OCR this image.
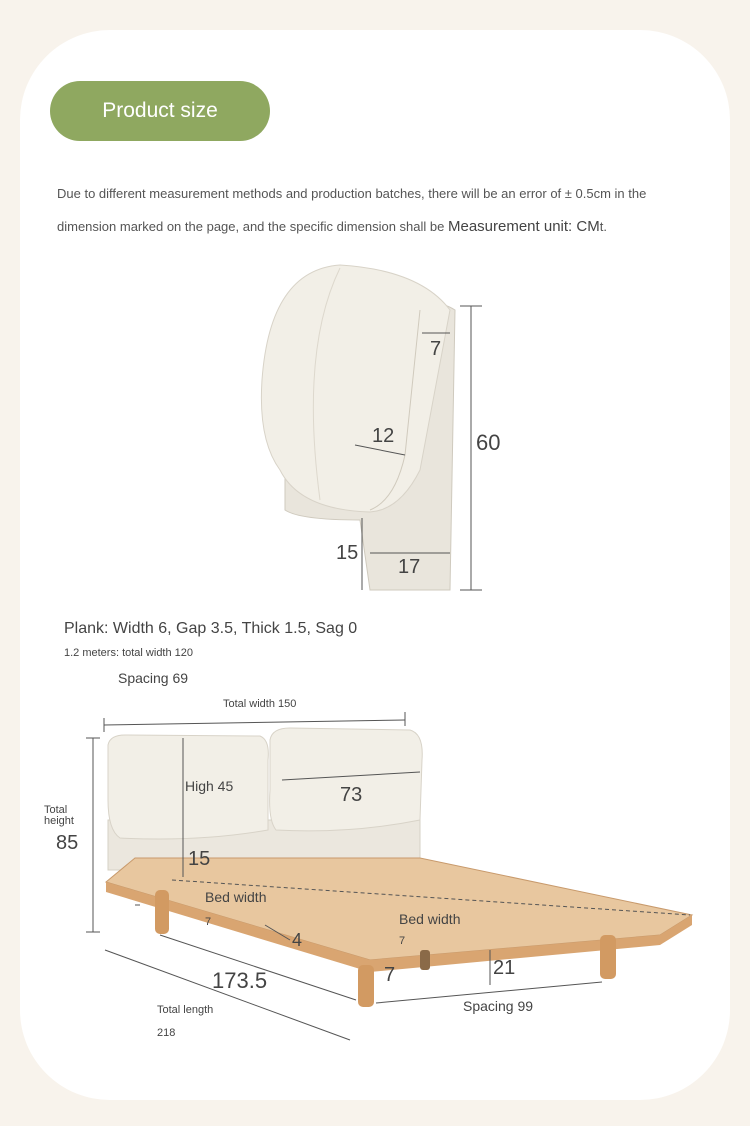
Product size
Due to different measurement methods and production batches, there will be an error of ± 0.5cm in the
dimension marked on the page, and the specific dimension shall be Measurement unit: CMt.
7
12	60
15
17
Plank: Width 6, Gap 3.5, Thick 1.5, Sag 0
1.2 meters: total width 120
Spacing 69
Total width 150
Total
height
85
High 45	73
15
Bed width
7
4
Bed width
7
173.5	7	21
Spacing 99
Total length
218
